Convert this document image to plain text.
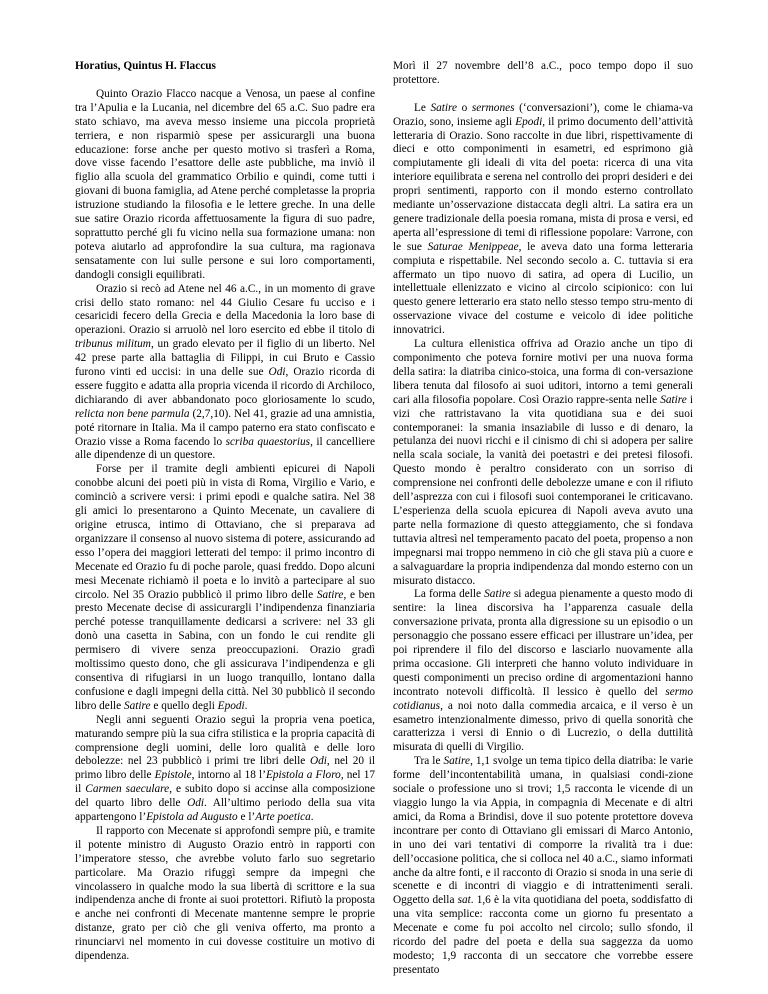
Horatius, Quintus H. Flaccus

Quinto Orazio Flacco nacque a Venosa, un paese al confine tra l’Apulia e la Lucania, nel dicembre del 65 a.C. Suo padre era stato schiavo, ma aveva messo insieme una piccola proprietà terriera, e non risparmiò spese per assicurargli una buona educazione: forse anche per questo motivo si trasferì a Roma, dove visse facendo l’esattore delle aste pubbliche, ma inviò il figlio alla scuola del grammatico Orbilio e quindi, come tutti i giovani di buona famiglia, ad Atene perché completasse la propria istruzione studiando la filosofia e le lettere greche. In una delle sue satire Orazio ricorda affettuosamente la figura di suo padre, soprattutto perché gli fu vicino nella sua formazione umana: non poteva aiutarlo ad approfondire la sua cultura, ma ragionava sensatamente con lui sulle persone e sui loro comportamenti, dandogli consigli equilibrati.

Orazio si recò ad Atene nel 46 a.C., in un momento di grave crisi dello stato romano: nel 44 Giulio Cesare fu ucciso e i cesaricidi fecero della Grecia e della Macedonia la loro base di operazioni. Orazio si arruolò nel loro esercito ed ebbe il titolo di tribunus militum, un grado elevato per il figlio di un liberto. Nel 42 prese parte alla battaglia di Filippi, in cui Bruto e Cassio furono vinti ed uccisi: in una delle sue Odi, Orazio ricorda di essere fuggito e adatta alla propria vicenda il ricordo di Archiloco, dichiarando di aver abbandonato poco gloriosamente lo scudo, relicta non bene parmula (2,7,10). Nel 41, grazie ad una amnistia, poté ritornare in Italia. Ma il campo paterno era stato confiscato e Orazio visse a Roma facendo lo scriba quaestorius, il cancelliere alle dipendenze di un questore.

Forse per il tramite degli ambienti epicurei di Napoli conobbe alcuni dei poeti più in vista di Roma, Virgilio e Vario, e cominciò a scrivere versi: i primi epodi e qualche satira. Nel 38 gli amici lo presentarono a Quinto Mecenate, un cavaliere di origine etrusca, intimo di Ottaviano, che si preparava ad organizzare il consenso al nuovo sistema di potere, assicurando ad esso l’opera dei maggiori letterati del tempo: il primo incontro di Mecenate ed Orazio fu di poche parole, quasi freddo. Dopo alcuni mesi Mecenate richiamò il poeta e lo invitò a partecipare al suo circolo. Nel 35 Orazio pubblicò il primo libro delle Satire, e ben presto Mecenate decise di assicurargli l’indipendenza finanziaria perché potesse tranquillamente dedicarsi a scrivere: nel 33 gli donò una casetta in Sabina, con un fondo le cui rendite gli permisero di vivere senza preoccupazioni. Orazio gradì moltissimo questo dono, che gli assicurava l’indipendenza e gli consentiva di rifugiarsi in un luogo tranquillo, lontano dalla confusione e dagli impegni della città. Nel 30 pubblicò il secondo libro delle Satire e quello degli Epodi.

Negli anni seguenti Orazio seguì la propria vena poetica, maturando sempre più la sua cifra stilistica e la propria capacità di comprensione degli uomini, delle loro qualità e delle loro debolezze: nel 23 pubblicò i primi tre libri delle Odi, nel 20 il primo libro delle Epistole, intorno al 18 l’Epistola a Floro, nel 17 il Carmen saeculare, e subito dopo si accinse alla composizione del quarto libro delle Odi. All’ultimo periodo della sua vita appartengono l’Epistola ad Augusto e l’Arte poetica.

Il rapporto con Mecenate si approfondì sempre più, e tramite il potente ministro di Augusto Orazio entrò in rapporti con l’imperatore stesso, che avrebbe voluto farlo suo segretario particolare. Ma Orazio rifuggì sempre da impegni che vincolassero in qualche modo la sua libertà di scrittore e la sua indipendenza anche di fronte ai suoi protettori. Rifiutò la proposta e anche nei confronti di Mecenate mantenne sempre le proprie distanze, grato per ciò che gli veniva offerto, ma pronto a rinunciarvi nel momento in cui dovesse costituire un motivo di dipendenza.

Morì il 27 novembre dell’8 a.C., poco tempo dopo il suo protettore.

Le Satire o sermones (‘conversazioni’), come le chiama-va Orazio, sono, insieme agli Epodi, il primo documento dell’attività letteraria di Orazio. Sono raccolte in due libri, rispettivamente di dieci e otto componimenti in esametri, ed esprimono già compiutamente gli ideali di vita del poeta: ricerca di una vita interiore equilibrata e serena nel controllo dei propri desideri e dei propri sentimenti, rapporto con il mondo esterno controllato mediante un’osservazione distaccata degli altri. La satira era un genere tradizionale della poesia romana, mista di prosa e versi, ed aperta all’espressione di temi di riflessione popolare: Varrone, con le sue Saturae Menippeae, le aveva dato una forma letteraria compiuta e rispettabile. Nel secondo secolo a. C. tuttavia si era affermato un tipo nuovo di satira, ad opera di Lucilio, un intellettuale ellenizzato e vicino al circolo scipionico: con lui questo genere letterario era stato nello stesso tempo stru-mento di osservazione vivace del costume e veicolo di idee politiche innovatrici.

La cultura ellenistica offriva ad Orazio anche un tipo di componimento che poteva fornire motivi per una nuova forma della satira: la diatriba cinico-stoica, una forma di con-versazione libera tenuta dal filosofo ai suoi uditori, intorno a temi generali cari alla filosofia popolare. Così Orazio rappre-senta nelle Satire i vizi che rattristavano la vita quotidiana sua e dei suoi contemporanei: la smania insaziabile di lusso e di denaro, la petulanza dei nuovi ricchi e il cinismo di chi si adopera per salire nella scala sociale, la vanità dei poetastri e dei pretesi filosofi. Questo mondo è peraltro considerato con un sorriso di comprensione nei confronti delle debolezze umane e con il rifiuto dell’asprezza con cui i filosofi suoi contemporanei le criticavano. L’esperienza della scuola epicurea di Napoli aveva avuto una parte nella formazione di questo atteggiamento, che si fondava tuttavia altresì nel temperamento pacato del poeta, propenso a non impegnarsi mai troppo nemmeno in ciò che gli stava più a cuore e a salvaguardare la propria indipendenza dal mondo esterno con un misurato distacco.

La forma delle Satire si adegua pienamente a questo modo di sentire: la linea discorsiva ha l’apparenza casuale della conversazione privata, pronta alla digressione su un episodio o un personaggio che possano essere efficaci per illustrare un’idea, per poi riprendere il filo del discorso e lasciarlo nuovamente alla prima occasione. Gli interpreti che hanno voluto individuare in questi componimenti un preciso ordine di argomentazioni hanno incontrato notevoli difficoltà. Il lessico è quello del sermo cotidianus, a noi noto dalla commedia arcaica, e il verso è un esametro intenzionalmente dimesso, privo di quella sonorità che caratterizza i versi di Ennio o di Lucrezio, o della duttilità misurata di quelli di Virgilio.

Tra le Satire, 1,1 svolge un tema tipico della diatriba: le varie forme dell’incontentabilità umana, in qualsiasi condi-zione sociale o professione uno si trovi; 1,5 racconta le vicende di un viaggio lungo la via Appia, in compagnia di Mecenate e di altri amici, da Roma a Brindisi, dove il suo potente protettore doveva incontrare per conto di Ottaviano gli emissari di Marco Antonio, in uno dei vari tentativi di comporre la rivalità tra i due: dell’occasione politica, che si colloca nel 40 a.C., siamo informati anche da altre fonti, e il racconto di Orazio si snoda in una serie di scenette e di incontri di viaggio e di intrattenimenti serali. Oggetto della sat. 1,6 è la vita quotidiana del poeta, soddisfatto di una vita semplice: racconta come un giorno fu presentato a Mecenate e come fu poi accolto nel circolo; sullo sfondo, il ricordo del padre del poeta e della sua saggezza da uomo modesto; 1,9 racconta di un seccatore che vorrebbe essere presentato
